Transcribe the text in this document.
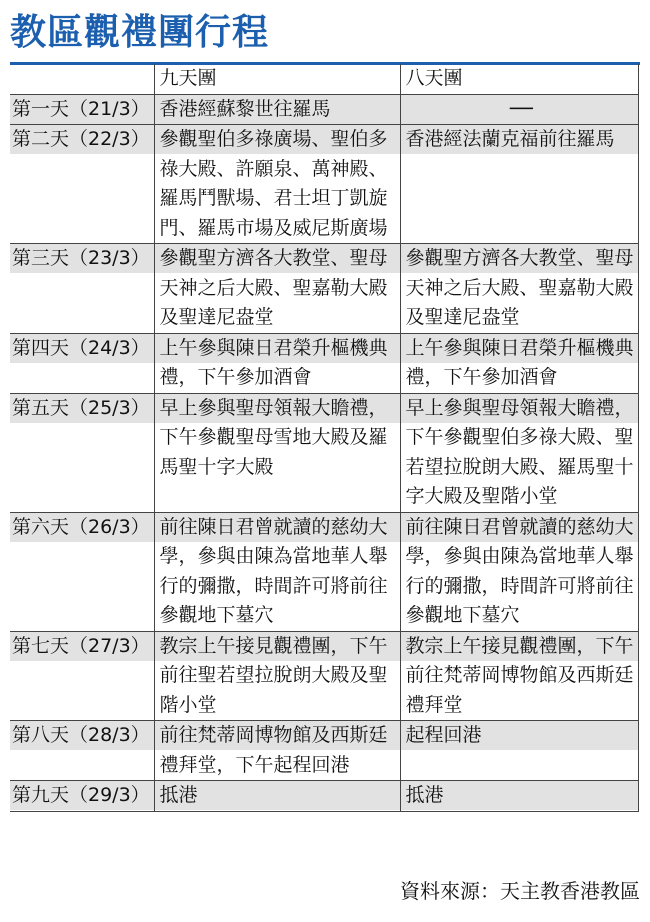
教區觀禮團行程
	九天團	八天團
第一天（21/3）	香港經蘇黎世往羅馬	──
第二天（22/3）	參觀聖伯多祿廣場、聖伯多祿大殿、許願泉、萬神殿、羅馬鬥獸場、君士坦丁凱旋門、羅馬市場及威尼斯廣場	香港經法蘭克福前往羅馬
第三天（23/3）	參觀聖方濟各大教堂、聖母天神之后大殿、聖嘉勒大殿及聖達尼盎堂	參觀聖方濟各大教堂、聖母天神之后大殿、聖嘉勒大殿及聖達尼盎堂
第四天（24/3）	上午參與陳日君榮升樞機典禮，下午參加酒會	上午參與陳日君榮升樞機典禮，下午參加酒會
第五天（25/3）	早上參與聖母領報大瞻禮，下午參觀聖母雪地大殿及羅馬聖十字大殿	早上參與聖母領報大瞻禮，下午參觀聖伯多祿大殿、聖若望拉脫朗大殿、羅馬聖十字大殿及聖階小堂
第六天（26/3）	前往陳日君曾就讀的慈幼大學，參與由陳為當地華人舉行的彌撒，時間許可將前往參觀地下墓穴	前往陳日君曾就讀的慈幼大學，參與由陳為當地華人舉行的彌撒，時間許可將前往參觀地下墓穴
第七天（27/3）	教宗上午接見觀禮團，下午前往聖若望拉脫朗大殿及聖階小堂	教宗上午接見觀禮團，下午前往梵蒂岡博物館及西斯廷禮拜堂
第八天（28/3）	前往梵蒂岡博物館及西斯廷禮拜堂，下午起程回港	起程回港
第九天（29/3）	抵港	抵港
資料來源：天主教香港教區
